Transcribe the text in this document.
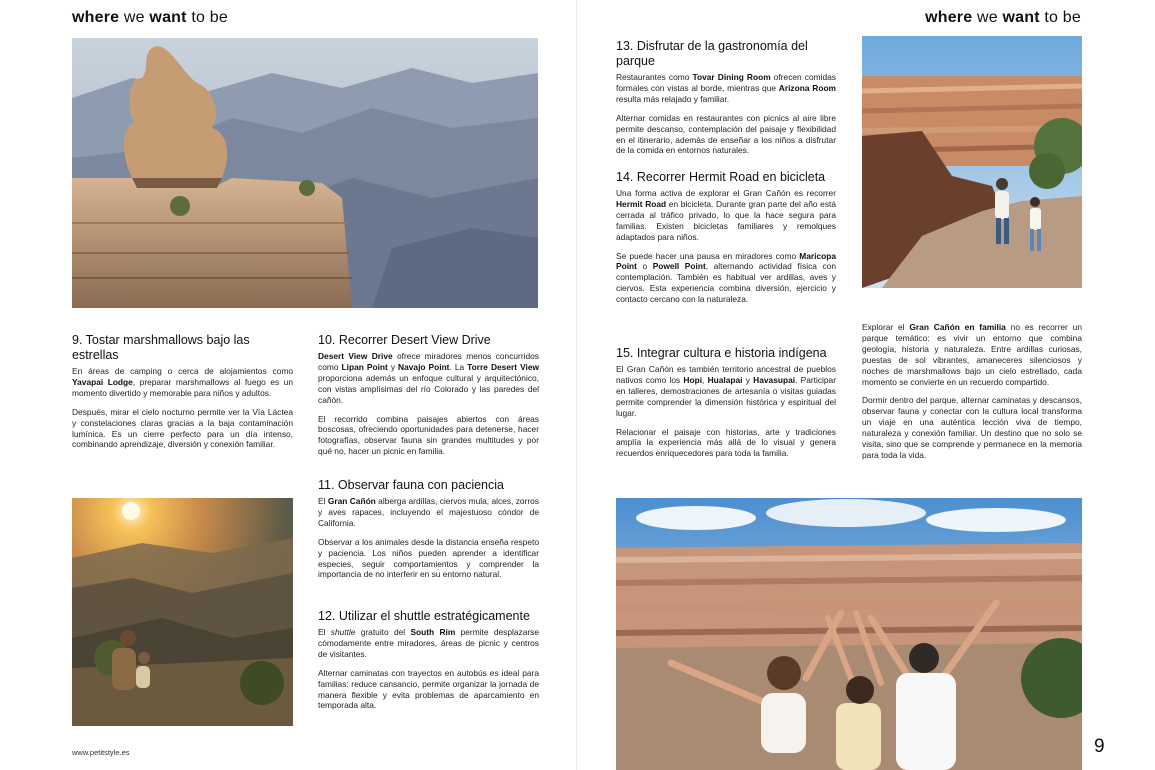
where we want to be
9. Tostar marshmallows bajo las estrellas

En áreas de camping o cerca de alojamientos como Yavapai Lodge, preparar marshmallows al fuego es un momento divertido y memorable para niños y adultos.

Después, mirar el cielo nocturno permite ver la Vía Láctea y constelaciones claras gracias a la baja contaminación lumínica. Es un cierre perfecto para un día intenso, combinando aprendizaje, diversión y conexión familiar.

10. Recorrer Desert View Drive

Desert View Drive ofrece miradores menos concurridos como Lipan Point y Navajo Point. La Torre Desert View proporciona además un enfoque cultural y arquitectónico, con vistas amplísimas del río Colorado y las paredes del cañón.

El recorrido combina paisajes abiertos con áreas boscosas, ofreciendo oportunidades para detenerse, hacer fotografías, observar fauna sin grandes multitudes y por qué no, hacer un picnic en familia.

11. Observar fauna con paciencia

El Gran Cañón alberga ardillas, ciervos mula, alces, zorros y aves rapaces, incluyendo el majestuoso cóndor de California.

Observar a los animales desde la distancia enseña respeto y paciencia. Los niños pueden aprender a identificar especies, seguir comportamientos y comprender la importancia de no interferir en su entorno natural.

12. Utilizar el shuttle estratégicamente

El shuttle gratuito del South Rim permite desplazarse cómodamente entre miradores, áreas de picnic y centros de visitantes.

Alternar caminatas con trayectos en autobús es ideal para familias: reduce cansancio, permite organizar la jornada de manera flexible y evita problemas de aparcamiento en temporada alta.

www.petitstyle.es
where we want to be
13. Disfrutar de la gastronomía del parque

Restaurantes como Tovar Dining Room ofrecen comidas formales con vistas al borde, mientras que Arizona Room resulta más relajado y familiar.

Alternar comidas en restaurantes con picnics al aire libre permite descanso, contemplación del paisaje y flexibilidad en el itinerario, además de enseñar a los niños a disfrutar de la comida en entornos naturales.

14. Recorrer Hermit Road en bicicleta

Una forma activa de explorar el Gran Cañón es recorrer Hermit Road en bicicleta. Durante gran parte del año está cerrada al tráfico privado, lo que la hace segura para familias. Existen bicicletas familiares y remolques adaptados para niños.

Se puede hacer una pausa en miradores como Maricopa Point o Powell Point, alternando actividad física con contemplación. También es habitual ver ardillas, aves y ciervos. Esta experiencia combina diversión, ejercicio y contacto cercano con la naturaleza.

15. Integrar cultura e historia indígena

El Gran Cañón es también territorio ancestral de pueblos nativos como los Hopi, Hualapai y Havasupai. Participar en talleres, demostraciones de artesanía o visitas guiadas permite comprender la dimensión histórica y espiritual del lugar.

Relacionar el paisaje con historias, arte y tradiciones amplía la experiencia más allá de lo visual y genera recuerdos enriquecedores para toda la familia.

Explorar el Gran Cañón en familia no es recorrer un parque temático: es vivir un entorno que combina geología, historia y naturaleza. Entre ardillas curiosas, puestas de sol vibrantes, amaneceres silenciosos y noches de marshmallows bajo un cielo estrellado, cada momento se convierte en un recuerdo compartido.

Dormir dentro del parque, alternar caminatas y descansos, observar fauna y conectar con la cultura local transforma un viaje en una auténtica lección viva de tiempo, naturaleza y conexión familiar. Un destino que no solo se visita, sino que se comprende y permanece en la memoria para toda la vida.

9
